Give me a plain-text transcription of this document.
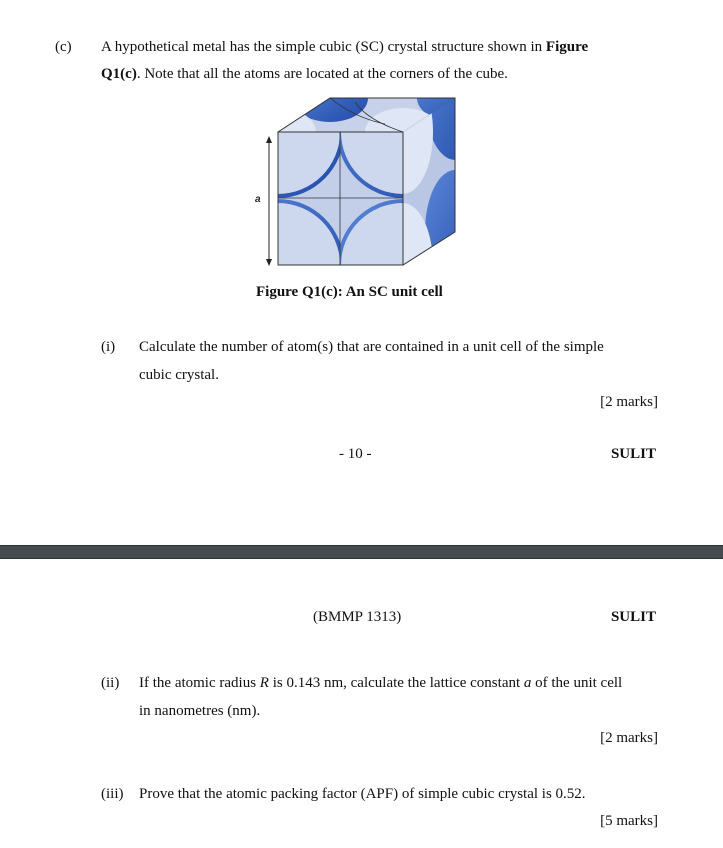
(c) A hypothetical metal has the simple cubic (SC) crystal structure shown in Figure
Q1(c). Note that all the atoms are located at the corners of the cube.
a
Figure Q1(c): An SC unit cell
(i) Calculate the number of atom(s) that are contained in a unit cell of the simple
cubic crystal.
[2 marks]
- 10 -	SULIT
(BMMP 1313)	SULIT
(ii) If the atomic radius R is 0.143 nm, calculate the lattice constant a of the unit cell
in nanometres (nm).
[2 marks]
(iii) Prove that the atomic packing factor (APF) of simple cubic crystal is 0.52.
[5 marks]
